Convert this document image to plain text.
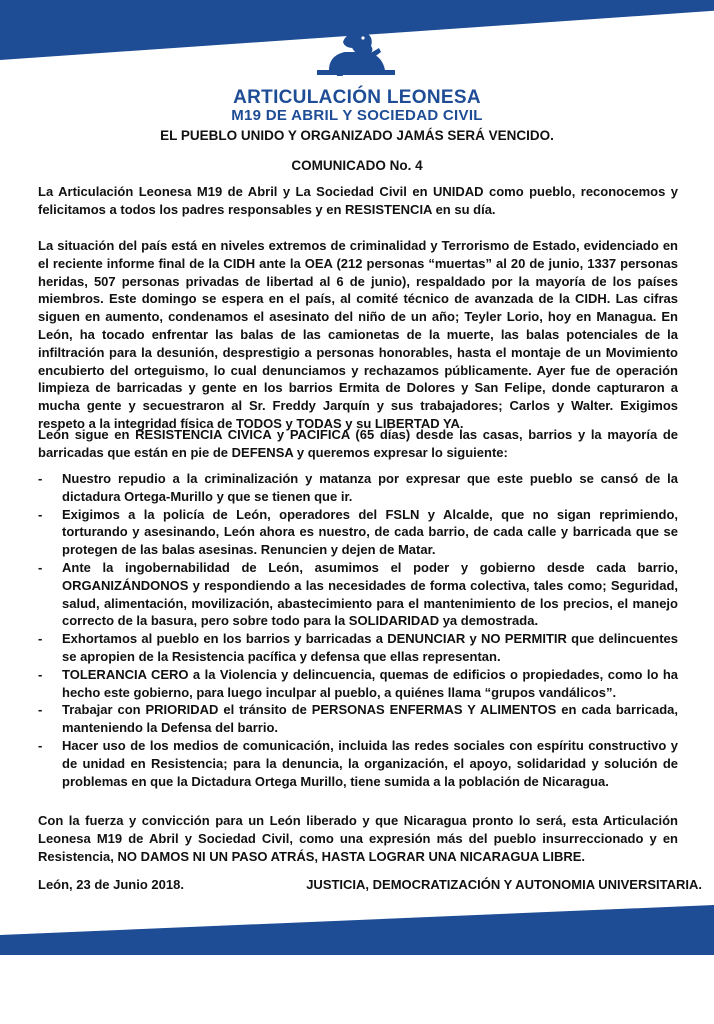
ARTICULACIÓN LEONESA
M19 DE ABRIL Y SOCIEDAD CIVIL
EL PUEBLO UNIDO Y ORGANIZADO JAMÁS SERÁ VENCIDO.
COMUNICADO No. 4

La Articulación Leonesa M19 de Abril y La Sociedad Civil en UNIDAD como pueblo, reconocemos y felicitamos a todos los padres responsables y en RESISTENCIA en su día.

La situación del país está en niveles extremos de criminalidad y Terrorismo de Estado, evidenciado en el reciente informe final de la CIDH ante la OEA (212 personas “muertas” al 20 de junio, 1337 personas heridas, 507 personas privadas de libertad al 6 de junio), respaldado por la mayoría de los países miembros. Este domingo se espera en el país, al comité técnico de avanzada de la CIDH. Las cifras siguen en aumento, condenamos el asesinato del niño de un año; Teyler Lorio, hoy en Managua. En León, ha tocado enfrentar las balas de las camionetas de la muerte, las balas potenciales de la infiltración para la desunión, desprestigio a personas honorables, hasta el montaje de un Movimiento encubierto del orteguismo, lo cual denunciamos y rechazamos públicamente. Ayer fue de operación limpieza de barricadas y gente en los barrios Ermita de Dolores y San Felipe, donde capturaron a mucha gente y secuestraron al Sr. Freddy Jarquín y sus trabajadores; Carlos y Walter. Exigimos respeto a la integridad física de TODOS y TODAS y su LIBERTAD YA.

León sigue en RESISTENCIA CIVICA y PACIFICA (65 días) desde las casas, barrios y la mayoría de barricadas que están en pie de DEFENSA y queremos expresar lo siguiente:

- Nuestro repudio a la criminalización y matanza por expresar que este pueblo se cansó de la dictadura Ortega-Murillo y que se tienen que ir.
- Exigimos a la policía de León, operadores del FSLN y Alcalde, que no sigan reprimiendo, torturando y asesinando, León ahora es nuestro, de cada barrio, de cada calle y barricada que se protegen de las balas asesinas. Renuncien y dejen de Matar.
- Ante la ingobernabilidad de León, asumimos el poder y gobierno desde cada barrio, ORGANIZÁNDONOS y respondiendo a las necesidades de forma colectiva, tales como; Seguridad, salud, alimentación, movilización, abastecimiento para el mantenimiento de los precios, el manejo correcto de la basura, pero sobre todo para la SOLIDARIDAD ya demostrada.
- Exhortamos al pueblo en los barrios y barricadas a DENUNCIAR y NO PERMITIR que delincuentes se apropien de la Resistencia pacífica y defensa que ellas representan.
- TOLERANCIA CERO a la Violencia y delincuencia, quemas de edificios o propiedades, como lo ha hecho este gobierno, para luego inculpar al pueblo, a quiénes llama “grupos vandálicos”.
- Trabajar con PRIORIDAD el tránsito de PERSONAS ENFERMAS Y ALIMENTOS en cada barricada, manteniendo la Defensa del barrio.
- Hacer uso de los medios de comunicación, incluida las redes sociales con espíritu constructivo y de unidad en Resistencia; para la denuncia, la organización, el apoyo, solidaridad y solución de problemas en que la Dictadura Ortega Murillo, tiene sumida a la población de Nicaragua.

Con la fuerza y convicción para un León liberado y que Nicaragua pronto lo será, esta Articulación Leonesa M19 de Abril y Sociedad Civil, como una expresión más del pueblo insurreccionado y en Resistencia, NO DAMOS NI UN PASO ATRÁS, HASTA LOGRAR UNA NICARAGUA LIBRE.

León, 23 de Junio 2018.	JUSTICIA, DEMOCRATIZACIÓN Y AUTONOMIA UNIVERSITARIA.
